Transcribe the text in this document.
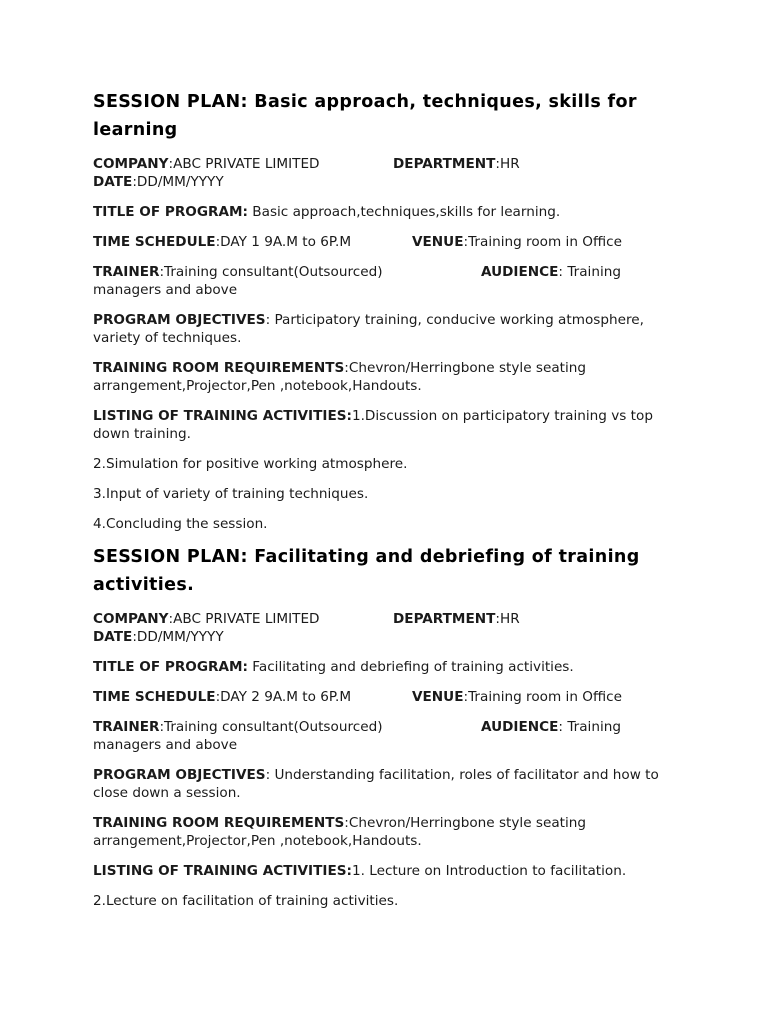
SESSION PLAN: Basic approach, techniques, skills for learning
COMPANY:ABC PRIVATE LIMITED	DEPARTMENT:HR
DATE:DD/MM/YYYY
TITLE OF PROGRAM: Basic approach,techniques,skills for learning.
TIME SCHEDULE:DAY 1 9A.M to 6P.M	VENUE:Training room in Office
TRAINER:Training consultant(Outsourced)	AUDIENCE: Training
managers and above
PROGRAM OBJECTIVES: Participatory training, conducive working atmosphere, variety of techniques.
TRAINING ROOM REQUIREMENTS:Chevron/Herringbone style seating arrangement,Projector,Pen ,notebook,Handouts.
LISTING OF TRAINING ACTIVITIES:1.Discussion on participatory training vs top down training.
2.Simulation for positive working atmosphere.
3.Input of variety of training techniques.
4.Concluding the session.
SESSION PLAN: Facilitating and debriefing of training activities.
COMPANY:ABC PRIVATE LIMITED	DEPARTMENT:HR
DATE:DD/MM/YYYY
TITLE OF PROGRAM: Facilitating and debriefing of training activities.
TIME SCHEDULE:DAY 2 9A.M to 6P.M	VENUE:Training room in Office
TRAINER:Training consultant(Outsourced)	AUDIENCE: Training
managers and above
PROGRAM OBJECTIVES: Understanding facilitation, roles of facilitator and how to close down a session.
TRAINING ROOM REQUIREMENTS:Chevron/Herringbone style seating arrangement,Projector,Pen ,notebook,Handouts.
LISTING OF TRAINING ACTIVITIES:1. Lecture on Introduction to facilitation.
2.Lecture on facilitation of training activities.
